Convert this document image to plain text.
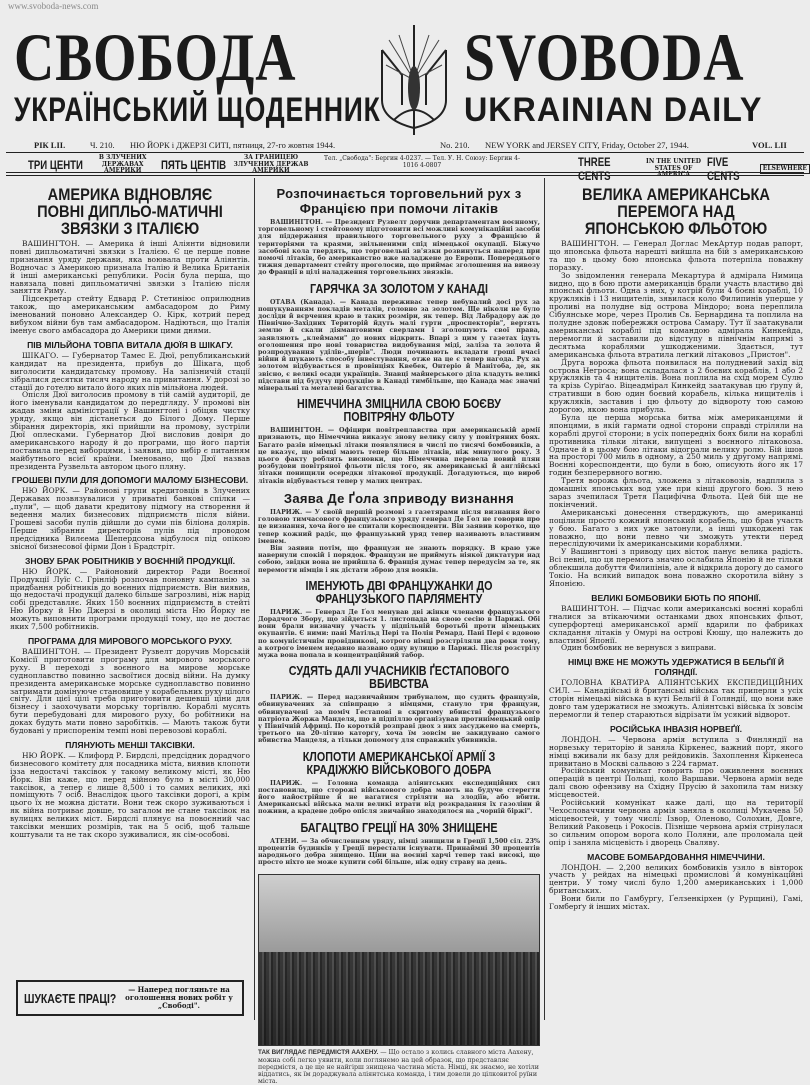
www.svoboda-news.com
СВОБОДА
УКРАЇНСЬКИЙ ЩОДЕННИК
SVOBODA
UKRAINIAN DAILY
РІК LII.	Ч. 210. НЮ ЙОРК і ДЖЕРЗІ СИТІ, пятниця, 27-го жовтня 1944.	No. 210. NEW YORK and JERSEY CITY, Friday, October 27, 1944.	VOL. LII
ТРИ ЦЕНТИ
В ЗЛУЧЕНИХ ДЕРЖАВАХ АМЕРИКИ	ПЯТЬ ЦЕНТІВ
ЗА ГРАНИЦЕЮ ЗЛУЧЕНИХ ДЕРЖАВ АМЕРИКИ
Тел. „Свобода": Бергин 4-0237. — Тел. У. Н. Союзу: Бергин 4-1016 4-0807	THREE CENTS
IN THE UNITED STATES OF AMERICA
FIVE CENTS
ELSEWHERE
АМЕРИКА ВІДНОВЛЯЄ ПОВНІ ДИПЛЬО-МАТИЧНІ ЗВЯЗКИ З ІТАЛІЄЮ

ВАШИНГТОН. — Америка й інші Аліянти відновили повні дипльоматичні звязки з Італією. Є це перше повне признання уряду держави, яка воювала проти Аліянтів. Водночас з Америкою признала Італію й Велика Британія й інші американські републики. Росія була перша, що навязала повні дипльоматичні звязки з Італією після заняття Риму.

Підсекретар стейту Едвард Р. Стетиніюс оприлюднив також, що американським амбасадором до Риму іменований поновно Александер О. Кірк, котрий перед вибухом війни був там амбасадором. Надіються, що Італія іменує свого амбасадора до Америки цими днями.

ПІВ МІЛЬЙОНА ТОВПА ВИТАЛА ДЮЇЯ В ШІКАГУ.

ШІКАГО. — Губернатор Тамес Е. Дюї, републиканський кандидат на президента, прибув до Шікага, щоб виголосити кандидатську промову. На залізничій стації зібралися десятки тисяч народу на привитання. У дорозі зо стації до готелю витало його яких пів мільйона людей.

Опісля Дюї виголосив промову в тій самій аудиторії, де його іменували кандидатом до передгляду. У промові він жадав зміни адміністрації у Вашингтоні і обіцяв чистку уряду, якщо він дістанеться до Білого Дому. Перше збірання директорів, які прийшли на промову, зустріли Дюї оплесками. Губернатор Дюї висловив довіря до американського народу й до програми, що його партія поставила перед виборцями, і заявив, що вибір є питанням майбутнього всієї країни. Іменовано, що Дюї назвав президента Рузвельта автором цього пляну.

ГРОШЕВІ ПУЛИ ДЛЯ ДОПОМОГИ МАЛОМУ БІЗНЕСОВИ.

НЮ ЙОРК. — Районові групи кредитовців в Злучених Державах позвязувалися у приватні банкові спілки — „пули", — щоб давати кредитову підмогу на створення й ведення малих бизнесових підприємств після війни. Грошеві засоби пулів дійшли до суми пів біліона долярів. Перше зібрання директорів пулів під проводом предсідника Вилєема Шепердсона відбулося під опікою звісної бизнесової фірми Дон і Брадстріт.

ЗНОВУ БРАК РОБІТНИКІВ У ВОЄННІЙ ПРОДУКЦІЇ.

НЮ ЙОРК. — Районовий директор Ради Воєнної Продукції Луїс С. Грінліф розпочав поновну кампанію за придбання робітників до воєнних підприємств. Він виявив, що недостачі продукції далеко більше загрозливі, ніж нарід собі представляє. Яких 150 воєнних підприємств в стейті Ню Йорку й Ню Джерзі в околиці міста Ню Йорку не можуть виповнити програми продукції тому, що не достає яких 7,500 робітників.

ПРОГРАМА ДЛЯ МИРОВОГО МОРСЬКОГО РУХУ.

ВАШИНГТОН. — Президент Рузвелт доручив Морській Комісії приготовити програму для мирового морського руху. В переході з воєнного на мирове морське судноплавство повинно засвоїтися досвід війни. На думку президента американське морське судноплавство повинно затримати домінуюче становище у корабельних руху цілого світу. Для цієї цілі треба приготовити дешевші ціни для бізнесу і заохочувати морську торгівлю. Кораблі мусять бути перебудовані для мирового руху, бо робітники на доках будуть мати повно заробітків. — Мають також бути будовані у приспоренім темпі нові перевозові кораблі.

ПЛЯНУЮТЬ МЕНШІ ТАКСІВКИ.

НЮ ЙОРК. — Клифорд Р. Бирдслі, предсідник дорадчого бизнесового комітету для посадника міста, виявив клопоти ізза недостачі таксівок у такому великому місті, як Ню Йорк. Він каже, що перед війною було в місті 30,000 таксівок, а тепер є лише 8,500 і то самих великих, які поміщують 7 осіб. Внаслідок цього таксівки дорогі, а крім цього їх не можна дістати. Вони теж скоро зуживаються і як війна потриває довше, то загалом не стане таксівок на вулицях великих міст. Бирдслі плянує на повоєнний час таксівки менших розмірів, так на 5 осіб, щоб тальше коштували та не так скоро зуживалися, як сім-особові.

ШУКАЄТЕ ПРАЦІ?
— Наперед погляньте на оголошення нових робіт у „Свободі".
Розпочинається торговельний рух з Францією при помочи літаків

ВАШИНГТОН. — Президент Рузвелт доручив департаментам воєнному, торговельному і стейтовому підготовити всі можливі комунікаційні засоби для піддержання правильного торговельного руху з Францією й територіями та краями, звільненими спід німецької окупації. Біжучо засобові кола твердять, що торговельні зв'язки розвинуться наперед при помочі літаків, бо американство вже наладжене до Европи. Попереднього тижня департамент стейту проголосив, що приймає зголошення на вивозу до Франції в цілі наладження торговельних звязків.

ГАРЯЧКА ЗА ЗОЛОТОМ У КАНАДІ

ОТАВА (Канада). — Канада переживає тепер небувалий досі рух за пошукуванням покладів металів, головно за золотом. Ще ніколи не було досліди й вєрчення краю в таких розміри, як тепер. Від Лабрадору аж до Північно-Західних Територій йдуть малі гурти „проспекторів", вертять землю й скали діямантовими сверлами і зголошують свої права, заявляють „клеймами" до нових відкрить. Впарі з цим у газетах ідуть оголошення про нові товариства видобування міді, заліза та золота й розпродування уділів-„шерів". Люди починають вкладати гроші вчасі війни й шукають способу інвестування, отже на це є тепер нагода. Рух за золотом відбувається в провінціях Квебек, Онтеріо й Манітоба, де, як звісно, є великі осади українців. Знавці майнерського діла кладуть великі підстави під будучу продукцію в Канаді тимбільше, що Канада має значні мінеральні та металеві багатства.

НІМЕЧЧИНА ЗМІЦНИЛА СВОЮ БОЄВУ ПОВІТРЯНУ ФЛЬОТУ

ВАШИНГТОН. — Офіцири повітреплавства при американській армії признають, що Німеччина виказує знову велику силу у повітряних боях. Багато разів німецькі літаки появлялися в числі по тисячі бомбовиків, а це вказує, що німці мають тепер більше літаків, ніж минулого року. З цього факту роблять висновки, що Німеччина перевела новий плян розбудови повітряної фльоти після того, як американські й англійські літаки понищили осередки літакової продукції. Догадуються, що вироб літаків відбувається тепер у малих центрах.

Заява Де Ґола зприводу визнання

ПАРИЖ. — У своїй першій розмові з газетярами після визнання його головою тимчасового французького уряду генерал Де Ґол не говорив про це визнання, хоча його не спитали кореспонденти. Він заявив коротко, що тепер кожний радіє, що французький уряд тепер називають властивим іменем.

Він заявив потім, що французи не знають порядку. В краю уже навернули спокій і порядок. Французи не приймуть ніякої диктатури над собою, звідки вона не прийшла б. Франція думає тепер передусім за те, як перемогти німців і як дістати зброю для вояків.

ІМЕНУЮТЬ ДВІ ФРАНЦУЖАНКИ ДО ФРАНЦУЗЬКОГО ПАРЛЯМЕНТУ

ПАРИЖ. — Генерал Де Ґол менував дві жінки членами французького Дорадчого Збору, що зійдеться 1. листопада на свою сесію в Парижі. Обі вони брали визначну участь у підпільній боротьбі проти німецьких окупантів. Є ними: пані Матільд Пері та Полін Ремард. Пані Пері є вдовою по комуністичнім провідникові, котрого німці розстріляли два роки тому, а котрого іменем недавно названо одну вулицю в Парижі. Після розстрілу мужа вона попала в концентраційний табор.

СУДЯТЬ ДАЛІ УЧАСНИКІВ ҐЕСТАПОВОГО ВБИВСТВА

ПАРИЖ. — Перед надзвичайним трибуналом, що судить французів, обвинувачених за співпрацю з німцями, стануло три французи, обвинувачені за поміч Ґестапові в скритому вбивстві французького патріота Жоржа Манделя, що в підпіллю організував протинімецький опір у Північній Африці. По короткій розправі двох з них засуджено на смерть, третього на 20-літню каторгу, хоча їм зовсім не закидувано самого вбивства Манделя, а тільки допомогу для справжніх убивників.

КЛОПОТИ АМЕРИКАНСЬКОЇ АРМІЇ З КРАДІЖЖЮ ВІЙСЬКОВОГО ДОБРА

ПАРИЖ. — Головна команда аліянтських експедиційних сил постановила, що сторожі військового добра мають на будуче стерегти його найострійше й не вагатися стріляти на злодіїв, або вбити. Американські війська мали великі втрати від розкрадання їх газоліни й поживи, а крадене добро опісля звичайно знаходилося на „чорній біржі".

БАГАЦТВО ГРЕЦІЇ НА 30% ЗНИЩЕНЕ

АТЕНИ. — За обчисленням уряду, німці знищили в Греції 1,500 сіл. 23% процентів будинків у Греції перестали існувати. Принаймні 30 процентів народнього добра знищено. Ціни на воєнні харчі тепер такі високі, що просто ніхто не може купити собі більше, ніж одну страву на день.

ТАК ВИГЛЯДАЄ ПЕРЕДМІСТЯ ААХЕНУ. — Що осталo з колись славного міста Аахену, можна собі легко уявити, коли поглянемо на цей образок, що представляє передмістя, а це ще не найгірш знищена частина міста. Німці, як знаємо, не хотіли віддатись, як їм дораджувала аліянтська команда, і тим довели до цілковитої руїни міста.
ВЕЛИКА АМЕРИКАНСЬКА ПЕРЕМОГА НАД ЯПОНСЬКОЮ ФЛЬОТОЮ

ВАШИНГТОН. — Генерал Доглас МекАртур подав рапорт, що японська фльота нарешті вийшла на бій з американською та що в цьому бою японська фльота потерпіла поважну поразку.

Зо звідомлення генерала Мекартура й адмірала Нимица видно, що в бою проти американців брали участь властиво дві японські фльоти. Одна з них, у котрій були 4 боєві кораблі, 10 кружляків і 13 нищителів, зявилася коло Филипинів уперше у проливі на полудне від острова Міндоро; вона переплила Сібуянське море, через Пролив Св. Бернардина та поплила на полудне здовж побережжя острова Самару. Тут її заатакували американські кораблі під командою адмірала Кинкейда, перемогли й заставили до відступу в північнім напрямі з десятьма кораблями ушкодженими. Здається, тут американська фльота втратила легкий літаковоз „Пристон".

Друга ворожа фльота появилася на полудневий захід від острова Негроса; вона складалася з 2 боєвих кораблів, 1 або 2 кружляків та 4 нищителів. Вона поплила на схід морем Сулю та крізь Суріґао. Віцеадмірал Кинкейд заатакував цю ґрупу й, стративши в бою один боєвий корабель, кілька нищителів і кружляків, заставив і цю фльоту до відвороту тою самою дорогою, якою вона прибула.

Була це перша морська битва між американцями й японцями, в якій гармати одної сторони справді стріляли на кораблі другої сторони; в усіх попередніх боях били на кораблі противника тільки літаки, випущені з воєнного літаковоза. Одначе й в цьому бою літаки відограли велику ролю. Бій ішов на просторі 700 миль в одному, а 250 миль у другому напрямі. Воєнні кореспонденти, що були в бою, описують його як 17 годин безперервного вогню.

Третя ворожа фльота, зложена з літаковозів, надплила з домашніх японських вод уже при кінці другого бою. З нею зараз зчепилася Третя Пацифічна Фльота. Цей бій ще не покінчений.

Американські донесення стверджують, що американці поцілили просто кожний японський корабель, що брав участь у бою. Багато з них уже затонули, а інші ушкоджені так поважно, що вони певно чи зможуть утекти перед переслідуючими їх американськими кораблями.

У Вашингтоні з приводу цих вісток панує велика радість. Всі певні, що ця перемога значно ослабила Японію й не тільки облекшила добуття Филипінів, але й відкрила дорогу до самого Токіо. На всякий випадок вона поважно скоротила війну з Японією.

ВЕЛИКІ БОМБОВИКИ БЮТЬ ПО ЯПОНІЇ.

ВАШИНГТОН. — Підчас коли американські воєнні кораблі гналися за втікаючими останками двох японських фльот, суперфортеці американської армії вдарили по фабриках складання літаків у Омурі на острові Кюшу, що належить до властивої Японії.

Один бомбовик не вернувся з виправи.

НІМЦІ ВЖЕ НЕ МОЖУТЬ УДЕРЖАТИСЯ В БЕЛЬҐІЇ Й ГОЛЯНДІЇ.

ГОЛОВНА КВАТИРА АЛІЯНТСЬКИХ ЕКСПЕДИЦІЙНИХ СИЛ. — Канадійські й британські війська так приперли з усіх сторін німецькі війська в куті Бельґії й Голяндії, що вони вже довго там удержатися не зможуть. Аліянтські війська їх зовсім перемогли й тепер стараються відрізати їм усякий відворот.

РОСІЙСЬКА ІНВАЗІЯ НОРВЕҐІЇ.

ЛОНДОН. — Червона армія вступила з Финляндії на норвезьку територію й заняла Кіркенес, важний порт, якого німці вживали як базу для рейдовиків. Захоплення Кіркенеса привитано в Москві сальвою з 224 гармат.

Російський комунікат говорить про оживлення воєнних операцій в центрі Польщі, коло Варшави. Червона армія веде далі свою офензиву на Східну Прусію й захопила там низку місцевостей.

Російський комунікат каже далі, що на території Чехословаччини червона армія заняла в околиці Мукачева 50 місцевостей, у тому числі: Ізвор, Оленово, Солохин, Довге, Великий Раковець і Рокосів. Пізніше червона армія стрінулася зо сильним опором ворога коло Поляни, але проломала цей опір і заняла місцевість і дворець Сваляву.

МАСОВЕ БОМБАРДОВАННЯ НІМЕЧЧИНИ.

ЛОНДОН. — 2,200 великих бомбовиків узяло в вівторок участь у рейдах на німецькі промислові й комунікаційні центри. У тому числі було 1,200 американських і 1,000 британських.

Вони били по Гамбургу, Ґелзенкірхен (у Рурщині), Гамі, Гомберґу й інших містах.
